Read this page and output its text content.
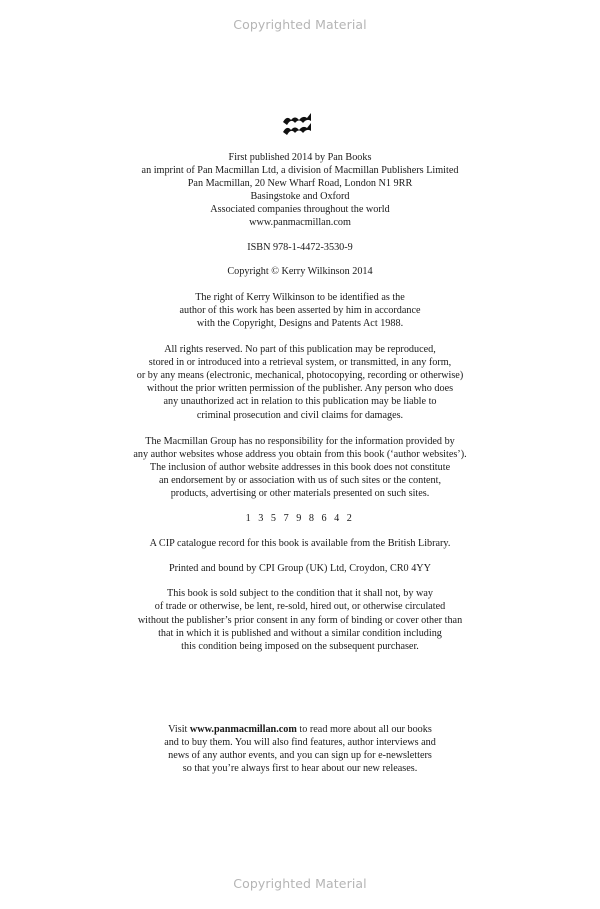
Copyrighted Material
First published 2014 by Pan Books
an imprint of Pan Macmillan Ltd, a division of Macmillan Publishers Limited
Pan Macmillan, 20 New Wharf Road, London N1 9RR
Basingstoke and Oxford
Associated companies throughout the world
www.panmacmillan.com
ISBN 978-1-4472-3530-9
Copyright © Kerry Wilkinson 2014
The right of Kerry Wilkinson to be identified as the
author of this work has been asserted by him in accordance
with the Copyright, Designs and Patents Act 1988.
All rights reserved. No part of this publication may be reproduced,
stored in or introduced into a retrieval system, or transmitted, in any form,
or by any means (electronic, mechanical, photocopying, recording or otherwise)
without the prior written permission of the publisher. Any person who does
any unauthorized act in relation to this publication may be liable to
criminal prosecution and civil claims for damages.
The Macmillan Group has no responsibility for the information provided by
any author websites whose address you obtain from this book (‘author websites’).
The inclusion of author website addresses in this book does not constitute
an endorsement by or association with us of such sites or the content,
products, advertising or other materials presented on such sites.
1 3 5 7 9 8 6 4 2
A CIP catalogue record for this book is available from the British Library.
Printed and bound by CPI Group (UK) Ltd, Croydon, CR0 4YY
This book is sold subject to the condition that it shall not, by way
of trade or otherwise, be lent, re-sold, hired out, or otherwise circulated
without the publisher’s prior consent in any form of binding or cover other than
that in which it is published and without a similar condition including
this condition being imposed on the subsequent purchaser.
Visit www.panmacmillan.com to read more about all our books
and to buy them. You will also find features, author interviews and
news of any author events, and you can sign up for e-newsletters
so that you’re always first to hear about our new releases.
Copyrighted Material
